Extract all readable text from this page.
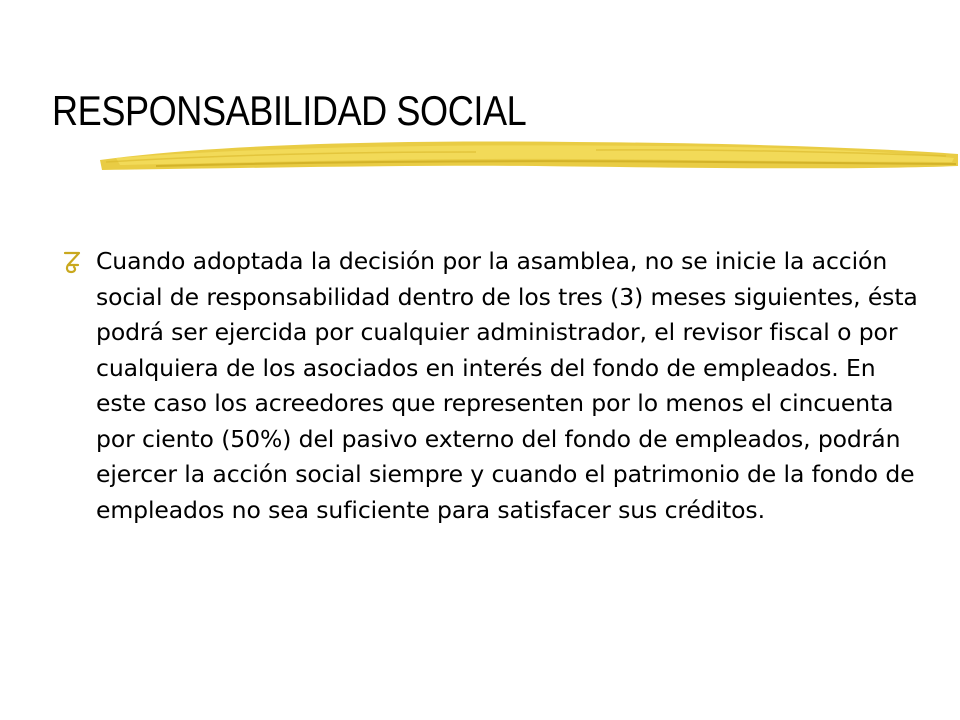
RESPONSABILIDAD SOCIAL

Cuando adoptada la decisión por la asamblea, no se inicie la acción social de responsabilidad dentro de los tres (3) meses siguientes, ésta podrá ser ejercida por cualquier administrador, el revisor fiscal o por cualquiera de los asociados en interés del fondo de empleados. En este caso los acreedores que representen por lo menos el cincuenta por ciento (50%) del pasivo externo del fondo de empleados, podrán ejercer la acción social siempre y cuando el patrimonio de la fondo de empleados no sea suficiente para satisfacer sus créditos.
